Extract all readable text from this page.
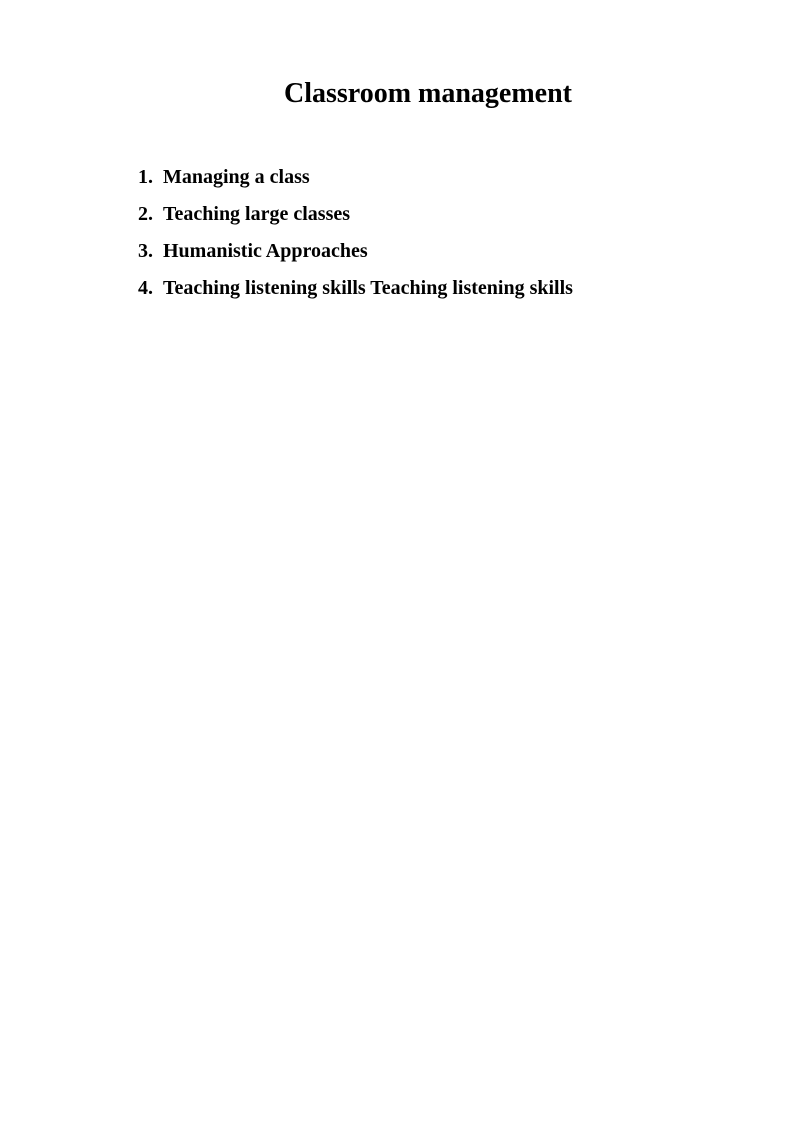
Classroom management
1. Managing a class
2. Teaching large classes
3. Humanistic Approaches
4. Teaching listening skills Teaching listening skills
